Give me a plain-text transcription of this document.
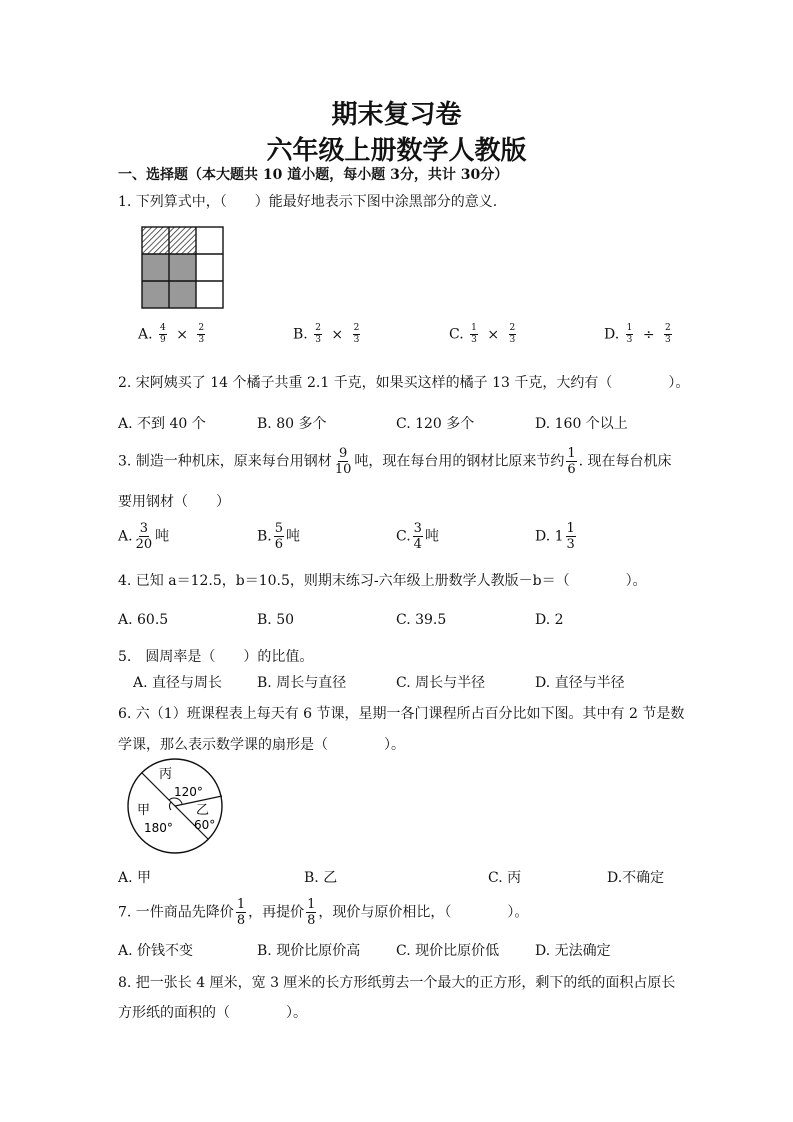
期末复习卷
六年级上册数学人教版
一、选择题（本大题共 10 道小题，每小题 3分，共计 30分）
1. 下列算式中，（　　）能最好地表示下图中涂黑部分的意义.
A. $\frac{4}{9} \times \frac{2}{3}$	B. $\frac{2}{3} \times \frac{2}{3}$	C. $\frac{1}{3} \times \frac{2}{3}$	D. $\frac{1}{3} \div \frac{2}{3}$
2. 宋阿姨买了 14 个橘子共重 2.1 千克，如果买这样的橘子 13 千克，大约有（　　　　）。
A. 不到 40 个	B. 80 多个	C. 120 多个	D. 160 个以上
3. 制造一种机床，原来每台用钢材 $\frac{9}{10}$ 吨，现在每台用的钢材比原来节约 $\frac{1}{6}$ . 现在每台机床
要用钢材（　　）
A. $\frac{3}{20}$ 吨	B. $\frac{5}{6}$ 吨	C. $\frac{3}{4}$ 吨	D. $1 \frac{1}{3}$
4. 已知 a＝12.5，b＝10.5，则期末练习-六年级上册数学人教版－b＝（　　　　）。
A. 60.5	B. 50	C. 39.5	D. 2
5.　圆周率是（　　）的比值。
A. 直径与周长 B. 周长与直径	C. 周长与半径	D. 直径与半径
6. 六（1）班课程表上每天有 6 节课，星期一各门课程所占百分比如下图。其中有 2 节是数
学课，那么表示数学课的扇形是（　　　　）。
丙
120°
甲
180°
乙
60°
A. 甲	B. 乙	C. 丙	D.不确定
7. 一件商品先降价 $\frac{1}{8}$ ，再提价 $\frac{1}{8}$ ，现价与原价相比，（　　　　）。
A. 价钱不变	B. 现价比原价高	C. 现价比原价低	D. 无法确定
8. 把一张长 4 厘米，宽 3 厘米的长方形纸剪去一个最大的正方形，剩下的纸的面积占原长
方形纸的面积的（　　　　）。
